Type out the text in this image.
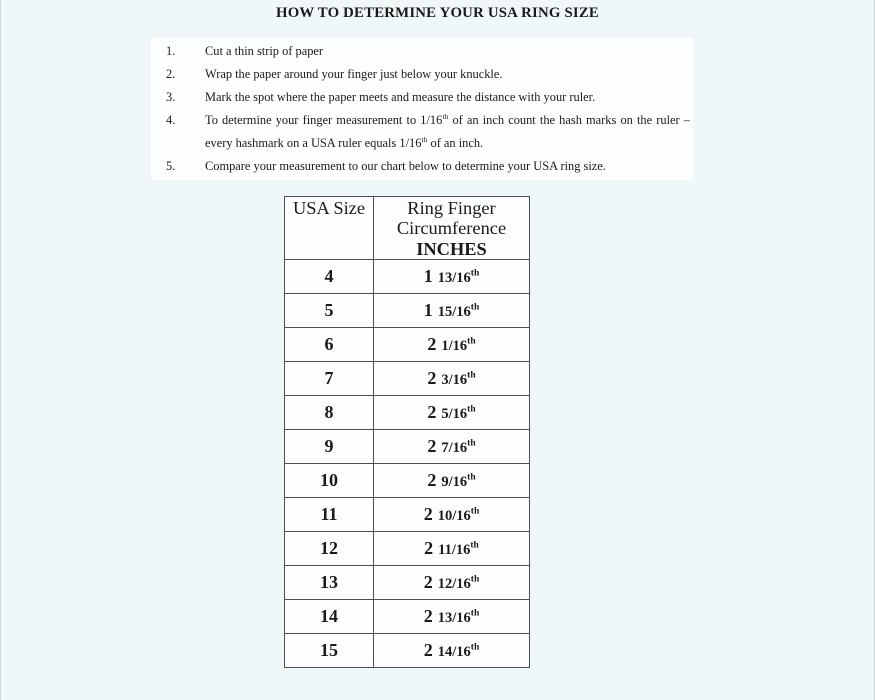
HOW TO DETERMINE YOUR USA RING SIZE
1.	Cut a thin strip of paper
2.	Wrap the paper around your finger just below your knuckle.
3.	Mark the spot where the paper meets and measure the distance with your ruler.
4.	To determine your finger measurement to 1/16th of an inch count the hash marks on the ruler – every hashmark on a USA ruler equals 1/16th of an inch.
5.	Compare your measurement to our chart below to determine your USA ring size.
USA Size	Ring Finger
Circumference
INCHES

4	1 13/16th
5	1 15/16th
6	2 1/16th
7	2 3/16th
8	2 5/16th
9	2 7/16th
10	2 9/16th
11	2 10/16th
12	2 11/16th
13	2 12/16th
14	2 13/16th
15	2 14/16th
